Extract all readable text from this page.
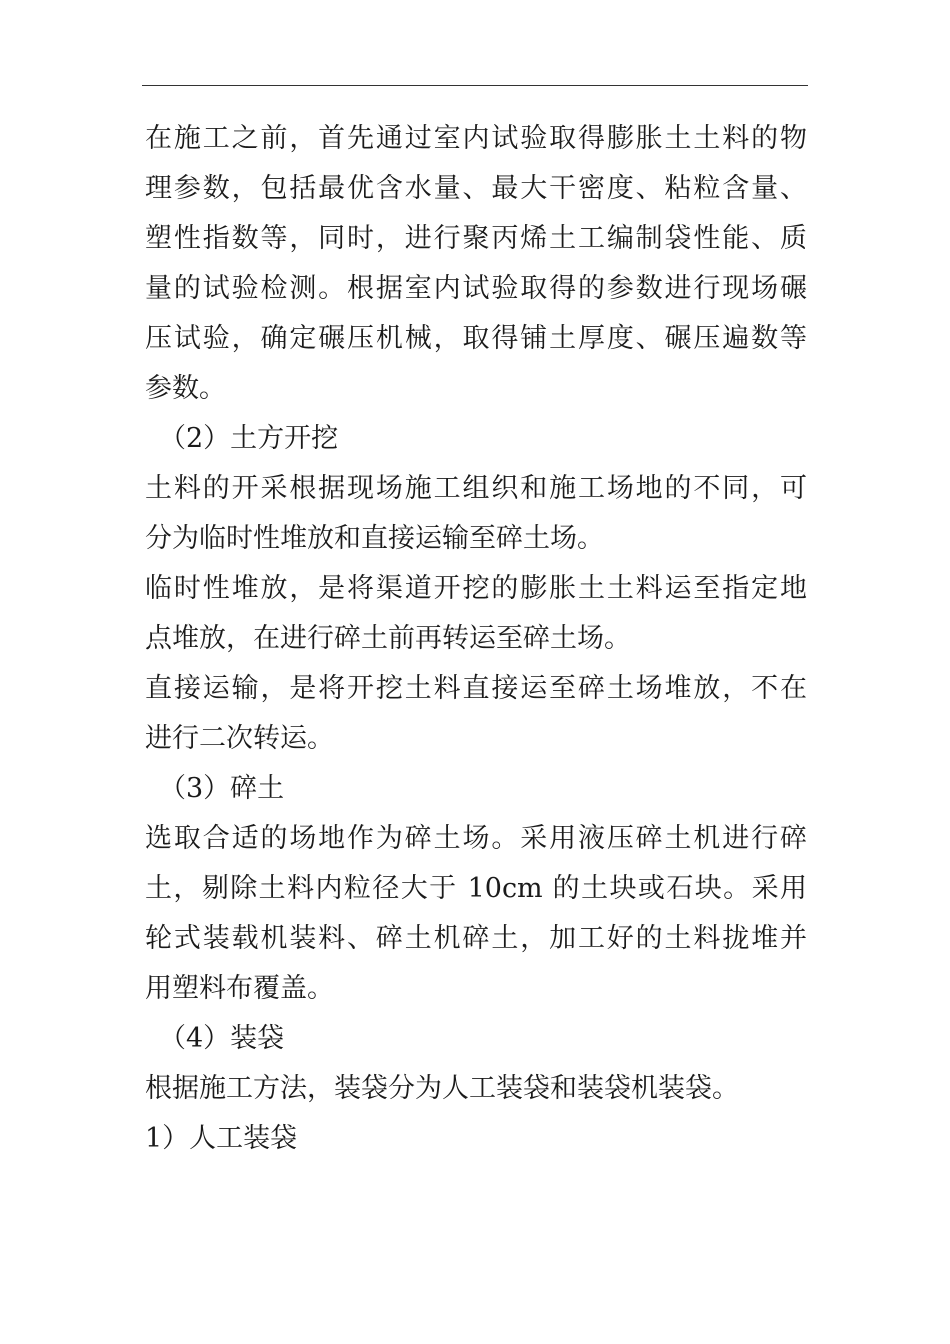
在施工之前，首先通过室内试验取得膨胀土土料的物
理参数，包括最优含水量、最大干密度、粘粒含量、
塑性指数等，同时，进行聚丙烯土工编制袋性能、质
量的试验检测。根据室内试验取得的参数进行现场碾
压试验，确定碾压机械，取得铺土厚度、碾压遍数等
参数。
（2）土方开挖
土料的开采根据现场施工组织和施工场地的不同，可
分为临时性堆放和直接运输至碎土场。
临时性堆放，是将渠道开挖的膨胀土土料运至指定地
点堆放，在进行碎土前再转运至碎土场。
直接运输，是将开挖土料直接运至碎土场堆放，不在
进行二次转运。
（3）碎土
选取合适的场地作为碎土场。采用液压碎土机进行碎
土，剔除土料内粒径大于 10cm 的土块或石块。采用
轮式装载机装料、碎土机碎土，加工好的土料拢堆并
用塑料布覆盖。
（4）装袋
根据施工方法，装袋分为人工装袋和装袋机装袋。
1）人工装袋
